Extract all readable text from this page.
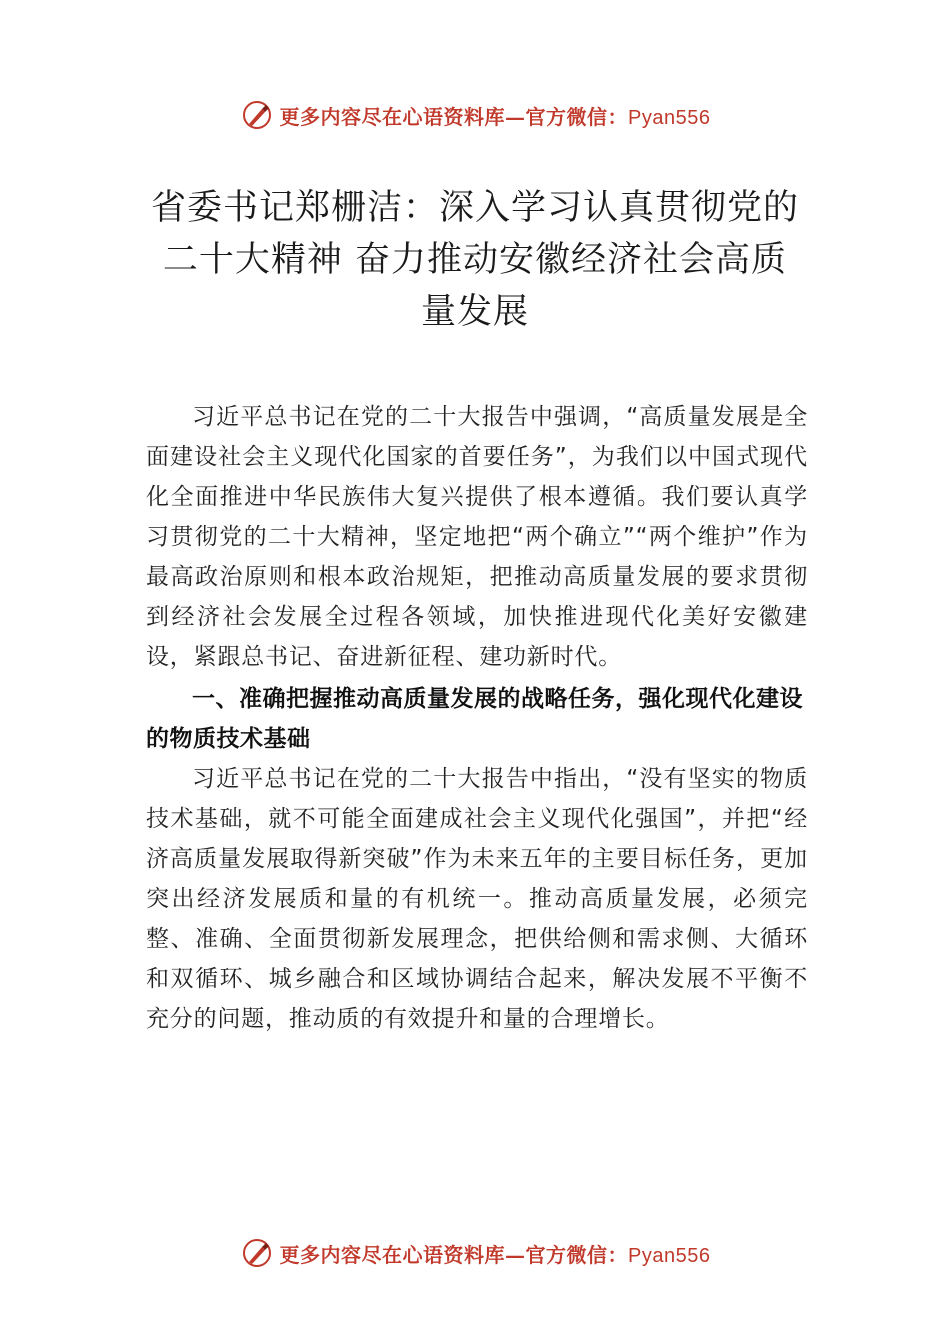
更多内容尽在心语资料库—官方微信：Pyan556
省委书记郑栅洁：深入学习认真贯彻党的
二十大精神 奋力推动安徽经济社会高质
量发展

习近平总书记在党的二十大报告中强调，“高质量发展是全面建设社会主义现代化国家的首要任务”，为我们以中国式现代化全面推进中华民族伟大复兴提供了根本遵循。我们要认真学习贯彻党的二十大精神，坚定地把“两个确立”“两个维护”作为最高政治原则和根本政治规矩，把推动高质量发展的要求贯彻到经济社会发展全过程各领域，加快推进现代化美好安徽建设，紧跟总书记、奋进新征程、建功新时代。

一、准确把握推动高质量发展的战略任务，强化现代化建设的物质技术基础

习近平总书记在党的二十大报告中指出，“没有坚实的物质技术基础，就不可能全面建成社会主义现代化强国”，并把“经济高质量发展取得新突破”作为未来五年的主要目标任务，更加突出经济发展质和量的有机统一。推动高质量发展，必须完整、准确、全面贯彻新发展理念，把供给侧和需求侧、大循环和双循环、城乡融合和区域协调结合起来，解决发展不平衡不充分的问题，推动质的有效提升和量的合理增长。

更多内容尽在心语资料库—官方微信：Pyan556
